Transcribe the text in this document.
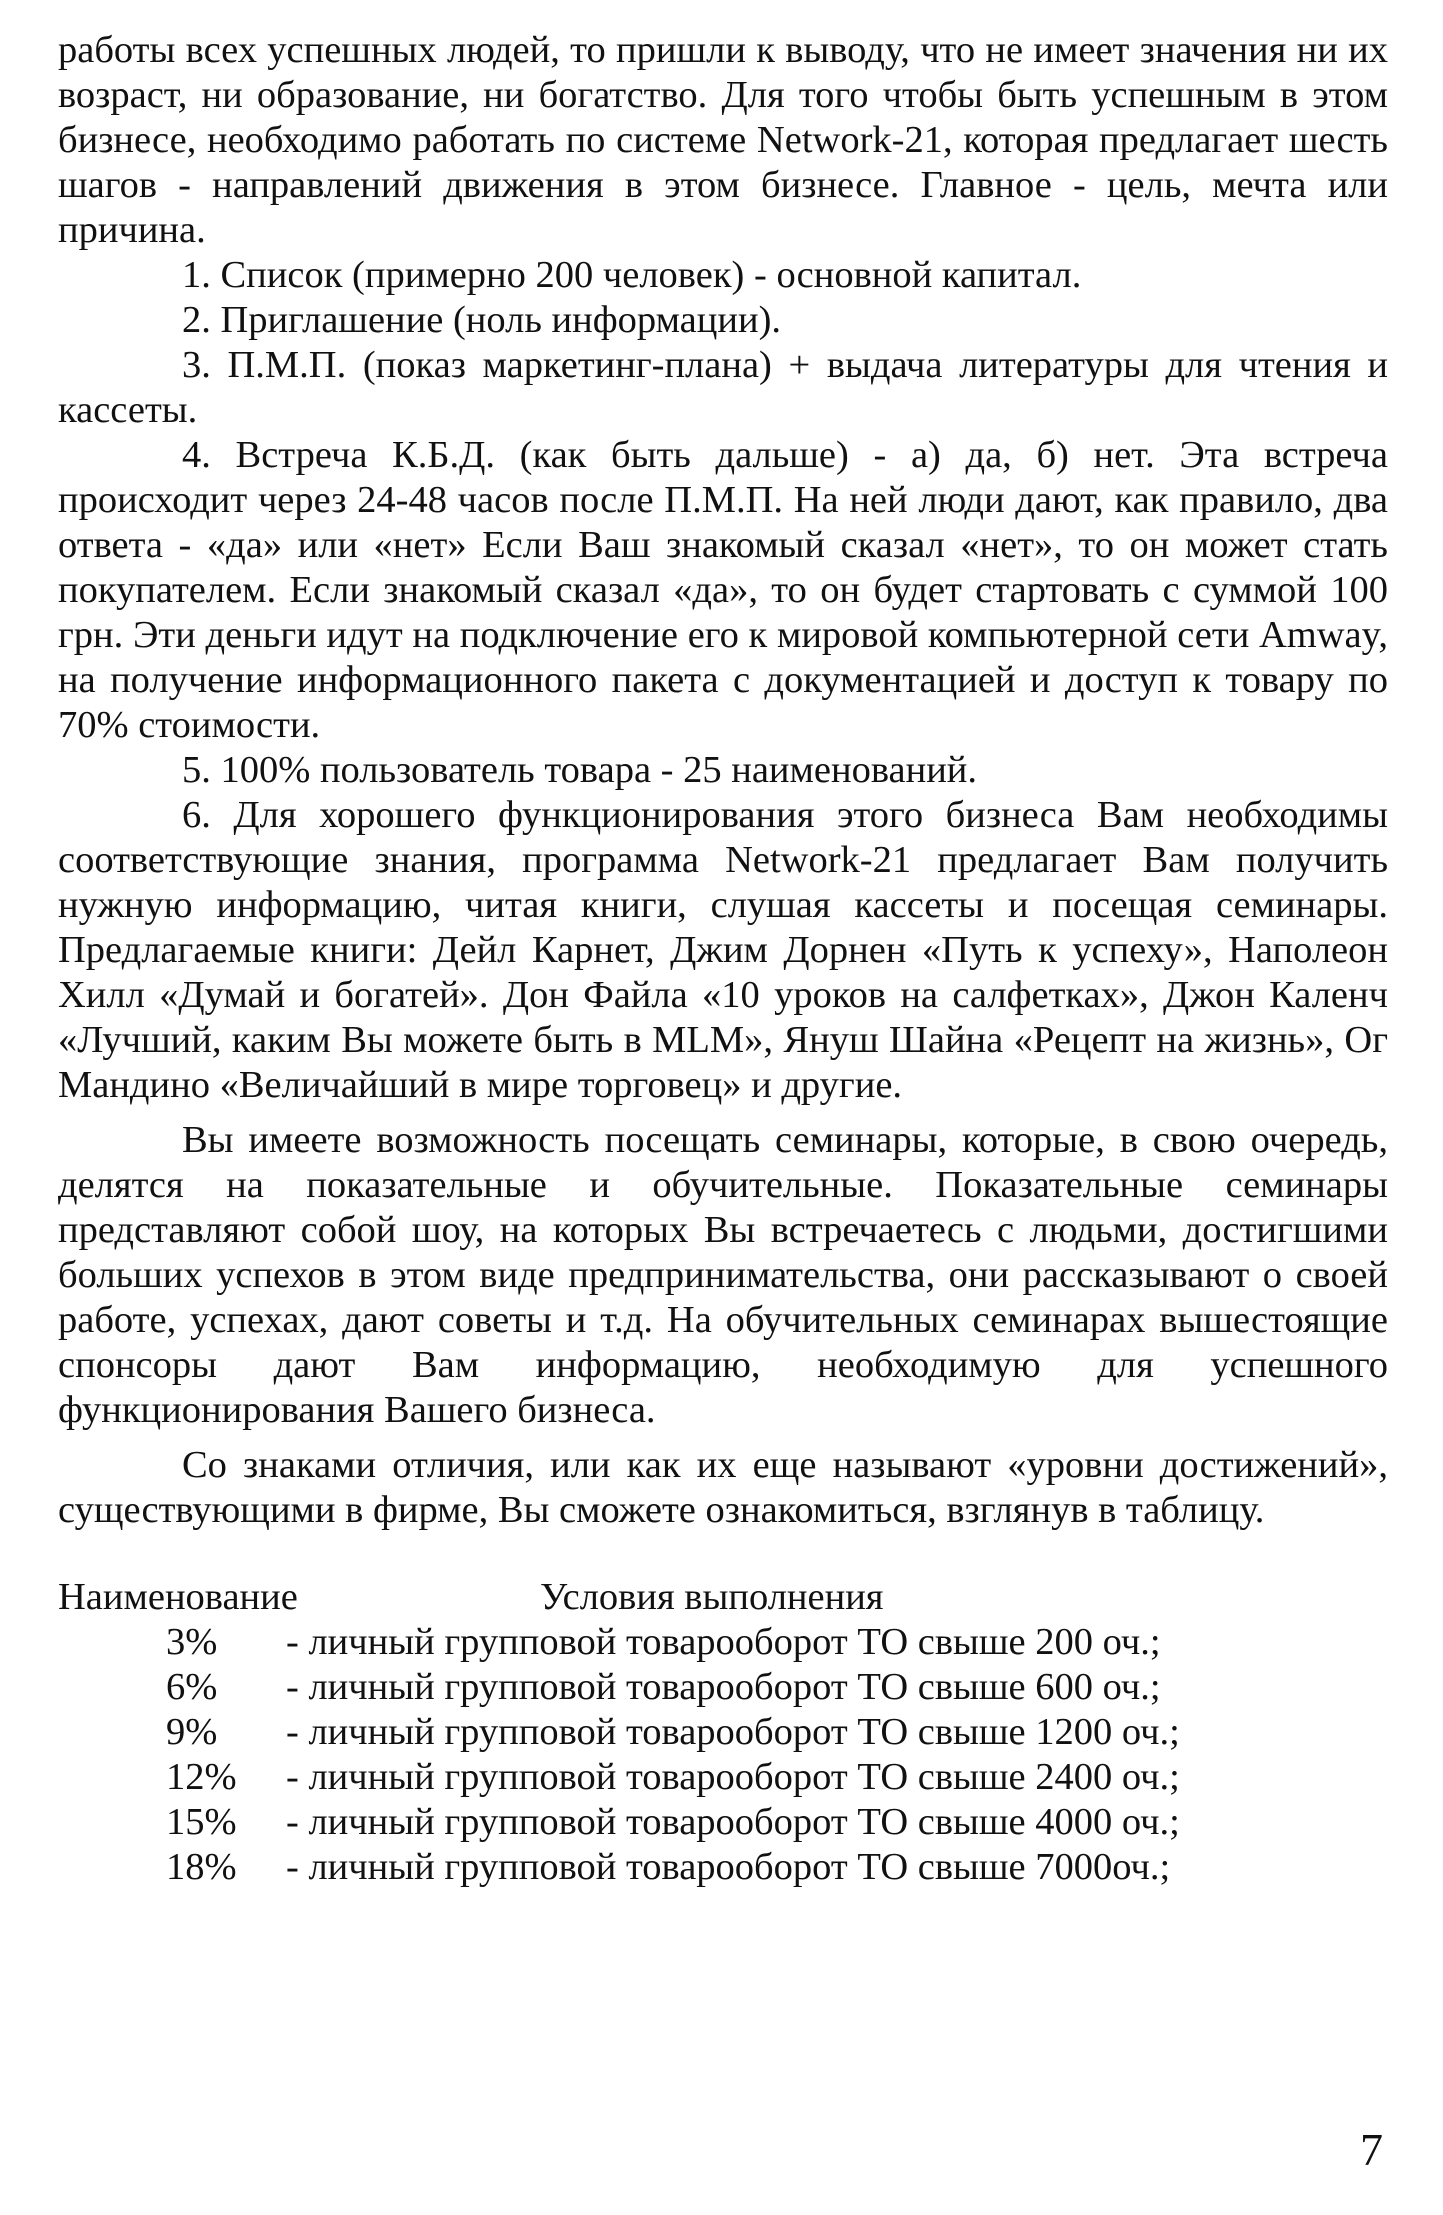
работы всех успешных людей, то пришли к выводу, что не имеет значения ни их возраст, ни образование, ни богатство. Для того чтобы быть успешным в этом бизнесе, необходимо работать по системе Network-21, которая предлагает шесть шагов - направлений движения в этом бизнесе. Главное - цель, мечта или причина.

1. Список (примерно 200 человек) - основной капитал.

2. Приглашение (ноль информации).

3. П.М.П. (показ маркетинг-плана) + выдача литературы для чтения и кассеты.

4. Встреча К.Б.Д. (как быть дальше) - а) да, б) нет. Эта встреча происходит через 24-48 часов после П.М.П. На ней люди дают, как правило, два ответа - «да» или «нет» Если Ваш знакомый сказал «нет», то он может стать покупателем. Если знакомый сказал «да», то он будет стартовать с суммой 100 грн. Эти деньги идут на подключение его к мировой компьютерной сети Amway, на получение информационного пакета с документацией и доступ к товару по 70% стоимости.

5. 100% пользователь товара - 25 наименований.

6. Для хорошего функционирования этого бизнеса Вам необходимы соответствующие знания, программа Network-21 предлагает Вам получить нужную информацию, читая книги, слушая кассеты и посещая семинары. Предлагаемые книги: Дейл Карнет, Джим Дорнен «Путь к успеху», Наполеон Хилл «Думай и богатей». Дон Файла «10 уроков на салфетках», Джон Каленч «Лучший, каким Вы можете быть в MLM», Януш Шайна «Рецепт на жизнь», Ог Мандино «Величайший в мире торговец» и другие.

Вы имеете возможность посещать семинары, которые, в свою очередь, делятся на показательные и обучительные. Показательные семинары представляют собой шоу, на которых Вы встречаетесь с людьми, достигшими больших успехов в этом виде предпринимательства, они рассказывают о своей работе, успехах, дают советы и т.д. На обучительных семинарах вышестоящие спонсоры дают Вам информацию, необходимую для успешного функционирования Вашего бизнеса.

Со знаками отличия, или как их еще называют «уровни достижений», существующими в фирме, Вы сможете ознакомиться, взглянув в таблицу.

Наименование	Условия выполнения
3%	- личный групповой товарооборот ТО свыше 200 оч.;
6%	- личный групповой товарооборот ТО свыше 600 оч.;
9%	- личный групповой товарооборот ТО свыше 1200 оч.;
12%	- личный групповой товарооборот ТО свыше 2400 оч.;
15%	- личный групповой товарооборот ТО свыше 4000 оч.;
18%	- личный групповой товарооборот ТО свыше 7000оч.;
7
